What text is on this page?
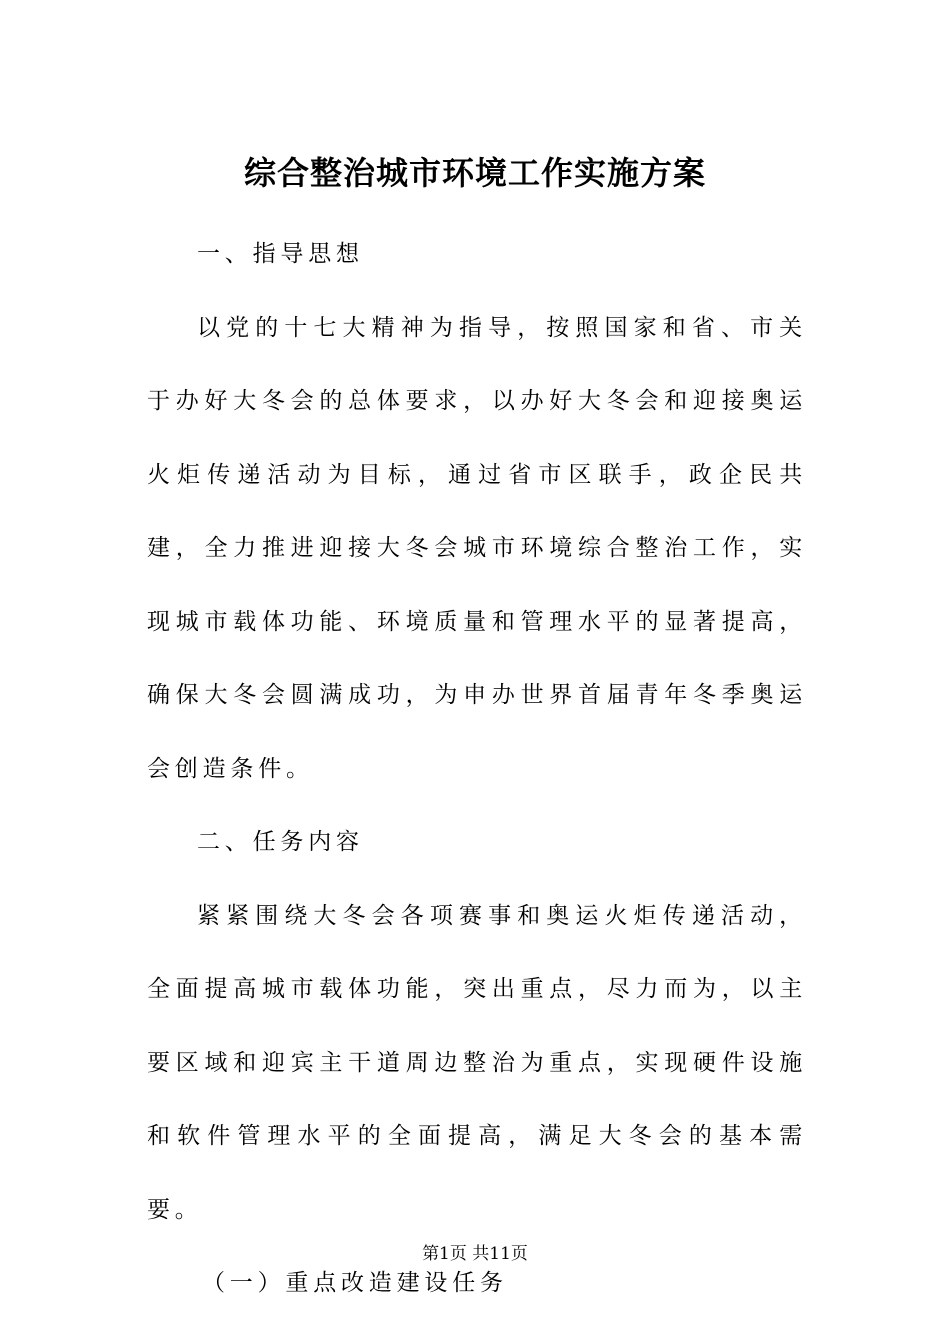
综合整治城市环境工作实施方案

一、指导思想

以党的十七大精神为指导，按照国家和省、市关于办好大冬会的总体要求，以办好大冬会和迎接奥运火炬传递活动为目标，通过省市区联手，政企民共建，全力推进迎接大冬会城市环境综合整治工作，实现城市载体功能、环境质量和管理水平的显著提高，确保大冬会圆满成功，为申办世界首届青年冬季奥运会创造条件。

二、任务内容

紧紧围绕大冬会各项赛事和奥运火炬传递活动，全面提高城市载体功能，突出重点，尽力而为，以主要区域和迎宾主干道周边整治为重点，实现硬件设施和软件管理水平的全面提高，满足大冬会的基本需要。

（一）重点改造建设任务

第1页 共11页
